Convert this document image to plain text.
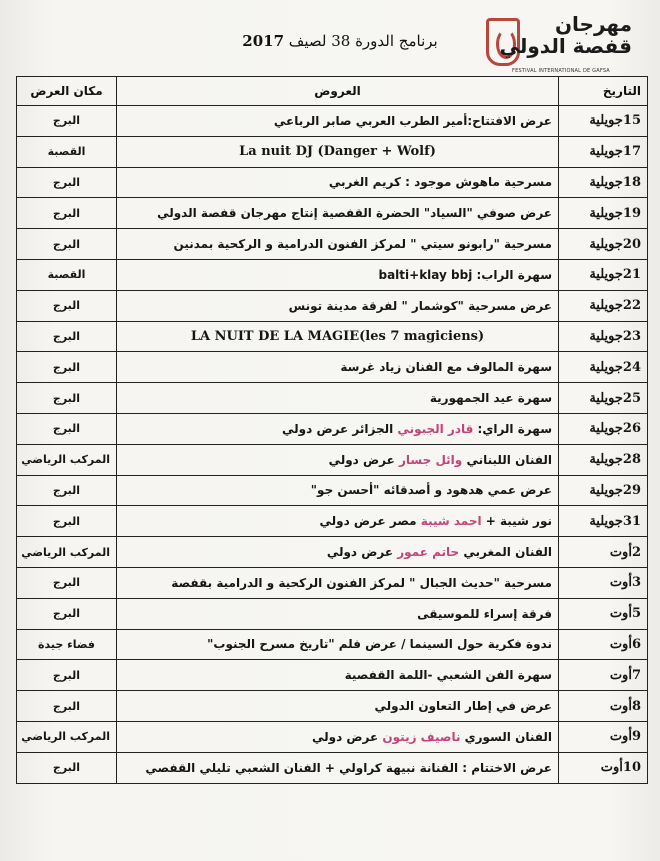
مهرجان
قفصة الدولي
FESTIVAL INTERNATIONAL DE GAFSA
برنامج الدورة 38 لصيف 2017
التاريخ	العروض	مكان العرض
15جويلية	عرض الافتتاح:أمير الطرب العربي صابر الرباعي	البرج
17جويلية	La nuit DJ (Danger + Wolf)	القصبة
18جويلية	مسرحية ماهوش موجود : كريم الغربي	البرج
19جويلية	عرض صوفي "السياد" الحضرة القفصية إنتاج مهرجان قفصة الدولي	البرج
20جويلية	مسرحية "رابونو سيتي " لمركز الفنون الدرامية و الركحية بمدنين	البرج
21جويلية	سهرة الراب: balti+klay bbj	القصبة
22جويلية	عرض مسرحية "كوشمار " لفرقة مدينة تونس	البرج
23جويلية	LA NUIT DE LA MAGIE(les 7 magiciens)	البرج
24جويلية	سهرة المالوف مع الفنان زياد غرسة	البرج
25جويلية	سهرة عيد الجمهورية	البرج
26جويلية	سهرة الراي: قادر الجبوني الجزائر عرض دولي	البرج
28جويلية	الفنان اللبناني وائل جسار عرض دولي	المركب الرياضي
29جويلية	عرض عمي هدهود و أصدقائه "أحسن جو"	البرج
31جويلية	نور شيبة + احمد شيبة مصر عرض دولي	البرج
2أوت	الفنان المغربي حاتم عمور عرض دولي	المركب الرياضي
3أوت	مسرحية "حديث الجبال " لمركز الفنون الركحية و الدرامية بقفصة	البرج
5أوت	فرقة إسراء للموسيقى	البرج
6أوت	ندوة فكرية حول السينما / عرض فلم "تاريخ مسرح الجنوب"	فضاء جيدة
7أوت	سهرة الفن الشعبي -اللمة القفصية	البرج
8أوت	عرض في إطار التعاون الدولي	البرج
9أوت	الفنان السوري ناصيف زيتون عرض دولي	المركب الرياضي
10أوت	عرض الاختتام : الفنانة نبيهة كراولي + الفنان الشعبي تليلي القفصي	البرج
